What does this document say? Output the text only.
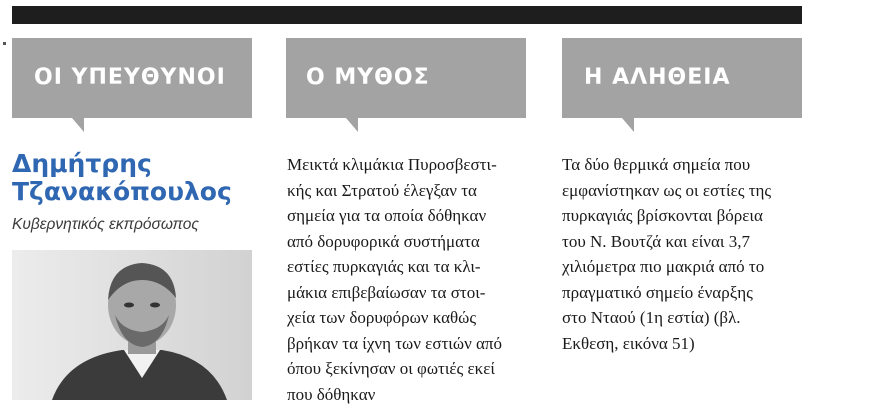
ΟΙ ΥΠΕΥΘΥΝΟΙ	Ο ΜΥΘΟΣ	Η ΑΛΗΘΕΙΑ
Δημήτρης Τζανακόπουλος
Κυβερνητικός εκπρόσωπος

Μεικτά κλιμάκια Πυροσβεστι-
κής και Στρατού έλεγξαν τα
σημεία για τα οποία δόθηκαν
από δορυφορικά συστήματα
εστίες πυρκαγιάς και τα κλι-
μάκια επιβεβαίωσαν τα στοι-
χεία των δορυφόρων καθώς
βρήκαν τα ίχνη των εστιών από
όπου ξεκίνησαν οι φωτιές εκεί
που δόθηκαν

Τα δύο θερμικά σημεία που
εμφανίστηκαν ως οι εστίες της
πυρκαγιάς βρίσκονται βόρεια
του Ν. Βουτζά και είναι 3,7
χιλιόμετρα πιο μακριά από το
πραγματικό σημείο έναρξης
στο Νταού (1η εστία) (βλ.
Εκθεση, εικόνα 51)
